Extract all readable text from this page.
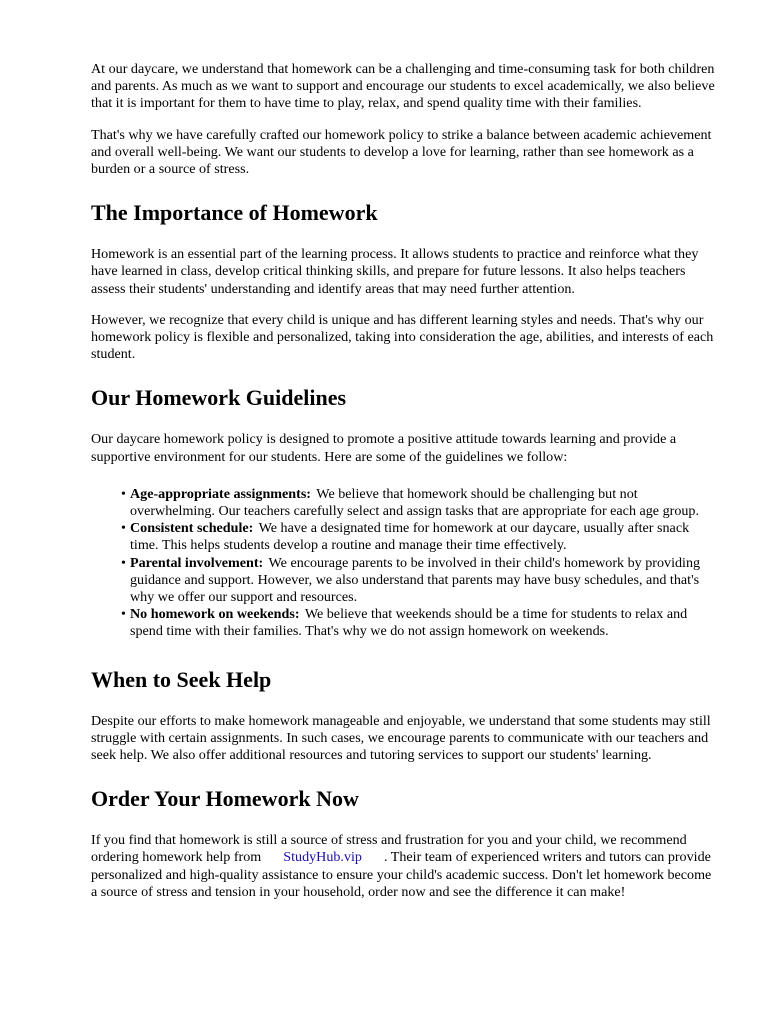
At our daycare, we understand that homework can be a challenging and time-consuming task for both children and parents. As much as we want to support and encourage our students to excel academically, we also believe that it is important for them to have time to play, relax, and spend quality time with their families.

That's why we have carefully crafted our homework policy to strike a balance between academic achievement and overall well-being. We want our students to develop a love for learning, rather than see homework as a burden or a source of stress.

The Importance of Homework

Homework is an essential part of the learning process. It allows students to practice and reinforce what they have learned in class, develop critical thinking skills, and prepare for future lessons. It also helps teachers assess their students' understanding and identify areas that may need further attention.

However, we recognize that every child is unique and has different learning styles and needs. That's why our homework policy is flexible and personalized, taking into consideration the age, abilities, and interests of each student.

Our Homework Guidelines

Our daycare homework policy is designed to promote a positive attitude towards learning and provide a supportive environment for our students. Here are some of the guidelines we follow:

• Age-appropriate assignments: We believe that homework should be challenging but not overwhelming. Our teachers carefully select and assign tasks that are appropriate for each age group.
• Consistent schedule: We have a designated time for homework at our daycare, usually after snack time. This helps students develop a routine and manage their time effectively.
• Parental involvement: We encourage parents to be involved in their child's homework by providing guidance and support. However, we also understand that parents may have busy schedules, and that's why we offer our support and resources.
• No homework on weekends: We believe that weekends should be a time for students to relax and spend time with their families. That's why we do not assign homework on weekends.
When to Seek Help

Despite our efforts to make homework manageable and enjoyable, we understand that some students may still struggle with certain assignments. In such cases, we encourage parents to communicate with our teachers and seek help. We also offer additional resources and tutoring services to support our students' learning.

Order Your Homework Now

If you find that homework is still a source of stress and frustration for you and your child, we recommend ordering homework help from StudyHub.vip . Their team of experienced writers and tutors can provide personalized and high-quality assistance to ensure your child's academic success. Don't let homework become a source of stress and tension in your household, order now and see the difference it can make!
